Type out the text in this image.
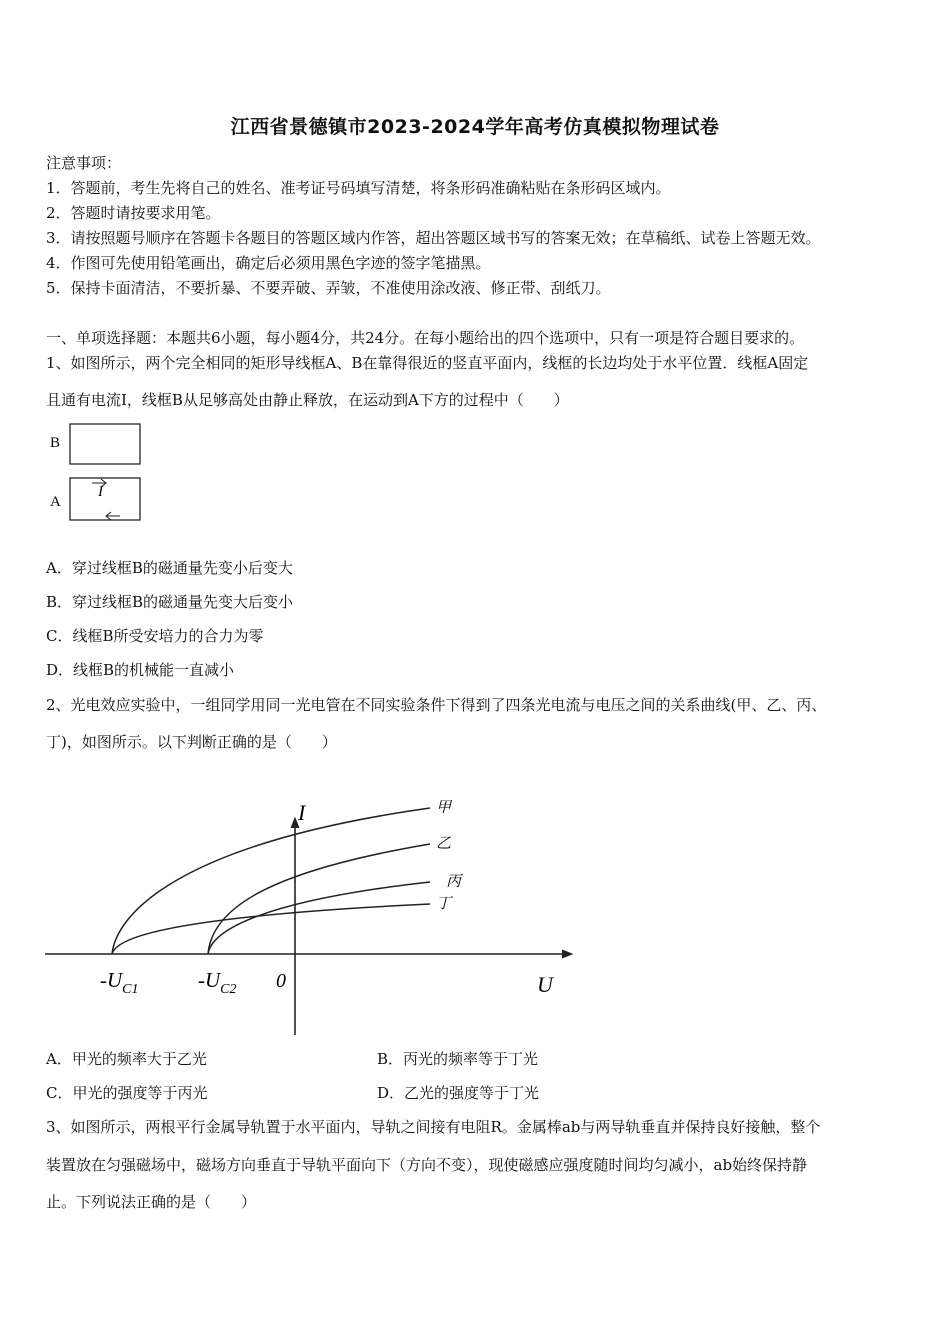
江西省景德镇市2023-2024学年高考仿真模拟物理试卷
注意事项：
1．答题前，考生先将自己的姓名、准考证号码填写清楚，将条形码准确粘贴在条形码区域内。
2．答题时请按要求用笔。
3．请按照题号顺序在答题卡各题目的答题区域内作答，超出答题区域书写的答案无效；在草稿纸、试卷上答题无效。
4．作图可先使用铅笔画出，确定后必须用黑色字迹的签字笔描黑。
5．保持卡面清洁，不要折暴、不要弄破、弄皱，不准使用涂改液、修正带、刮纸刀。
一、单项选择题：本题共6小题，每小题4分，共24分。在每小题给出的四个选项中，只有一项是符合题目要求的。
1、如图所示，两个完全相同的矩形导线框A、B在靠得很近的竖直平面内，线框的长边均处于水平位置．线框A固定
且通有电流I，线框B从足够高处由静止释放，在运动到A下方的过程中（　　）
B
A
I
A．穿过线框B的磁通量先变小后变大
B．穿过线框B的磁通量先变大后变小
C．线框B所受安培力的合力为零
D．线框B的机械能一直减小
2、光电效应实验中，一组同学用同一光电管在不同实验条件下得到了四条光电流与电压之间的关系曲线(甲、乙、丙、
丁)，如图所示。以下判断正确的是（　　）
I
U
0
$-U_{C1}$	$-U_{C2}$
甲
乙
丙
丁
A．甲光的频率大于乙光	B．丙光的频率等于丁光
C．甲光的强度等于丙光	D．乙光的强度等于丁光
3、如图所示，两根平行金属导轨置于水平面内，导轨之间接有电阻R。金属棒ab与两导轨垂直并保持良好接触，整个
装置放在匀强磁场中，磁场方向垂直于导轨平面向下（方向不变），现使磁感应强度随时间均匀减小，ab始终保持静
止。下列说法正确的是（　　）
